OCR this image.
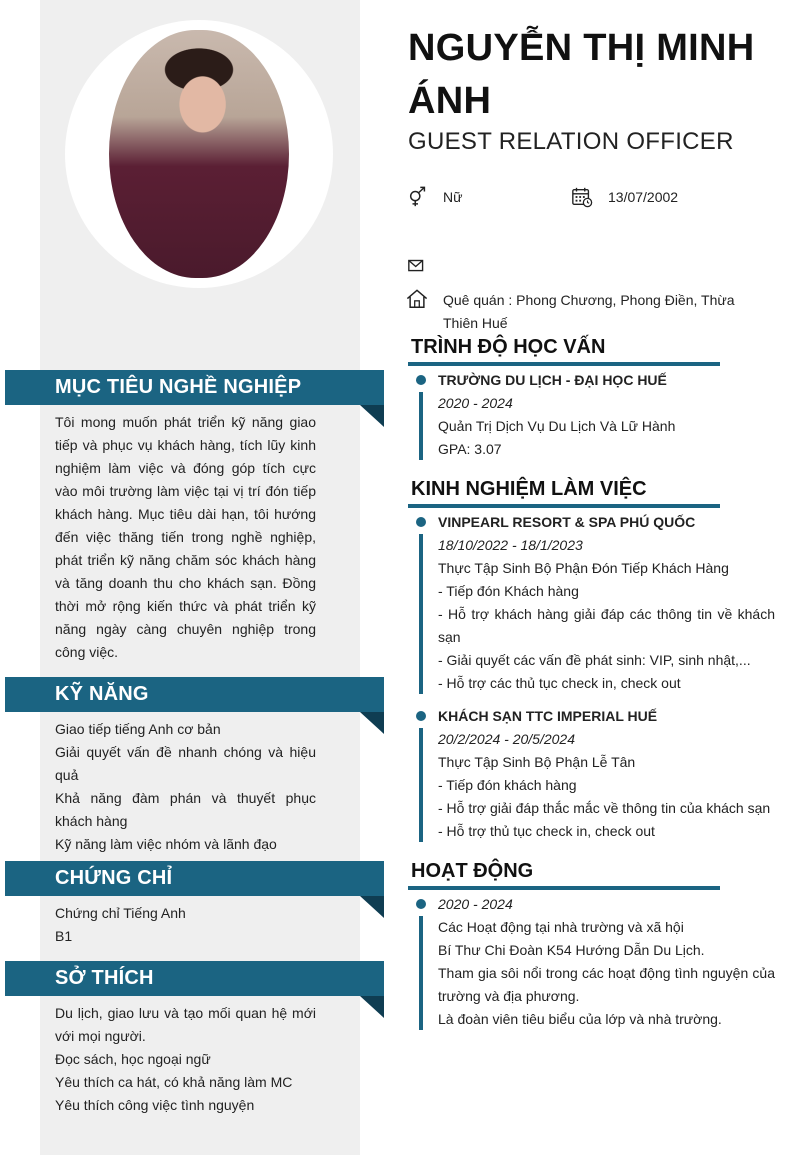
MỤC TIÊU NGHỀ NGHIỆP
Tôi mong muốn phát triển kỹ năng giao tiếp và phục vụ khách hàng, tích lũy kinh nghiệm làm việc và đóng góp tích cực vào môi trường làm việc tại vị trí đón tiếp khách hàng. Mục tiêu dài hạn, tôi hướng đến việc thăng tiến trong nghề nghiệp, phát triển kỹ năng chăm sóc khách hàng và tăng doanh thu cho khách sạn. Đồng thời mở rộng kiến thức và phát triển kỹ năng ngày càng chuyên nghiệp trong công việc.
KỸ NĂNG
Giao tiếp tiếng Anh cơ bản
Giải quyết vấn đề nhanh chóng và hiệu quả
Khả năng đàm phán và thuyết phục khách hàng
Kỹ năng làm việc nhóm và lãnh đạo
CHỨNG CHỈ
Chứng chỉ Tiếng Anh
B1
SỞ THÍCH
Du lịch, giao lưu và tạo mối quan hệ mới với mọi người.
Đọc sách, học ngoại ngữ
Yêu thích ca hát, có khả năng làm MC
Yêu thích công việc tình nguyện
NGUYỄN THỊ MINH ÁNH
GUEST RELATION OFFICER
Nữ	13/07/2002
Quê quán : Phong Chương, Phong Điền, Thừa Thiên Huế
TRÌNH ĐỘ HỌC VẤN
TRƯỜNG DU LỊCH - ĐẠI HỌC HUẾ
2020 - 2024
Quản Trị Dịch Vụ Du Lịch Và Lữ Hành
GPA: 3.07
KINH NGHIỆM LÀM VIỆC
VINPEARL RESORT & SPA PHÚ QUỐC
18/10/2022 - 18/1/2023
Thực Tập Sinh Bộ Phận Đón Tiếp Khách Hàng
- Tiếp đón Khách hàng
- Hỗ trợ khách hàng giải đáp các thông tin về khách sạn
- Giải quyết các vấn đề phát sinh: VIP, sinh nhật,...
- Hỗ trợ các thủ tục check in, check out
KHÁCH SẠN TTC IMPERIAL HUẾ
20/2/2024 - 20/5/2024
Thực Tập Sinh Bộ Phận Lễ Tân
- Tiếp đón khách hàng
- Hỗ trợ giải đáp thắc mắc về thông tin của khách sạn
- Hỗ trợ thủ tục check in, check out
HOẠT ĐỘNG
2020 - 2024
Các Hoạt động tại nhà trường và xã hội
Bí Thư Chi Đoàn K54 Hướng Dẫn Du Lịch.
Tham gia sôi nổi trong các hoạt động tình nguyện của trường và địa phương.
Là đoàn viên tiêu biểu của lớp và nhà trường.
